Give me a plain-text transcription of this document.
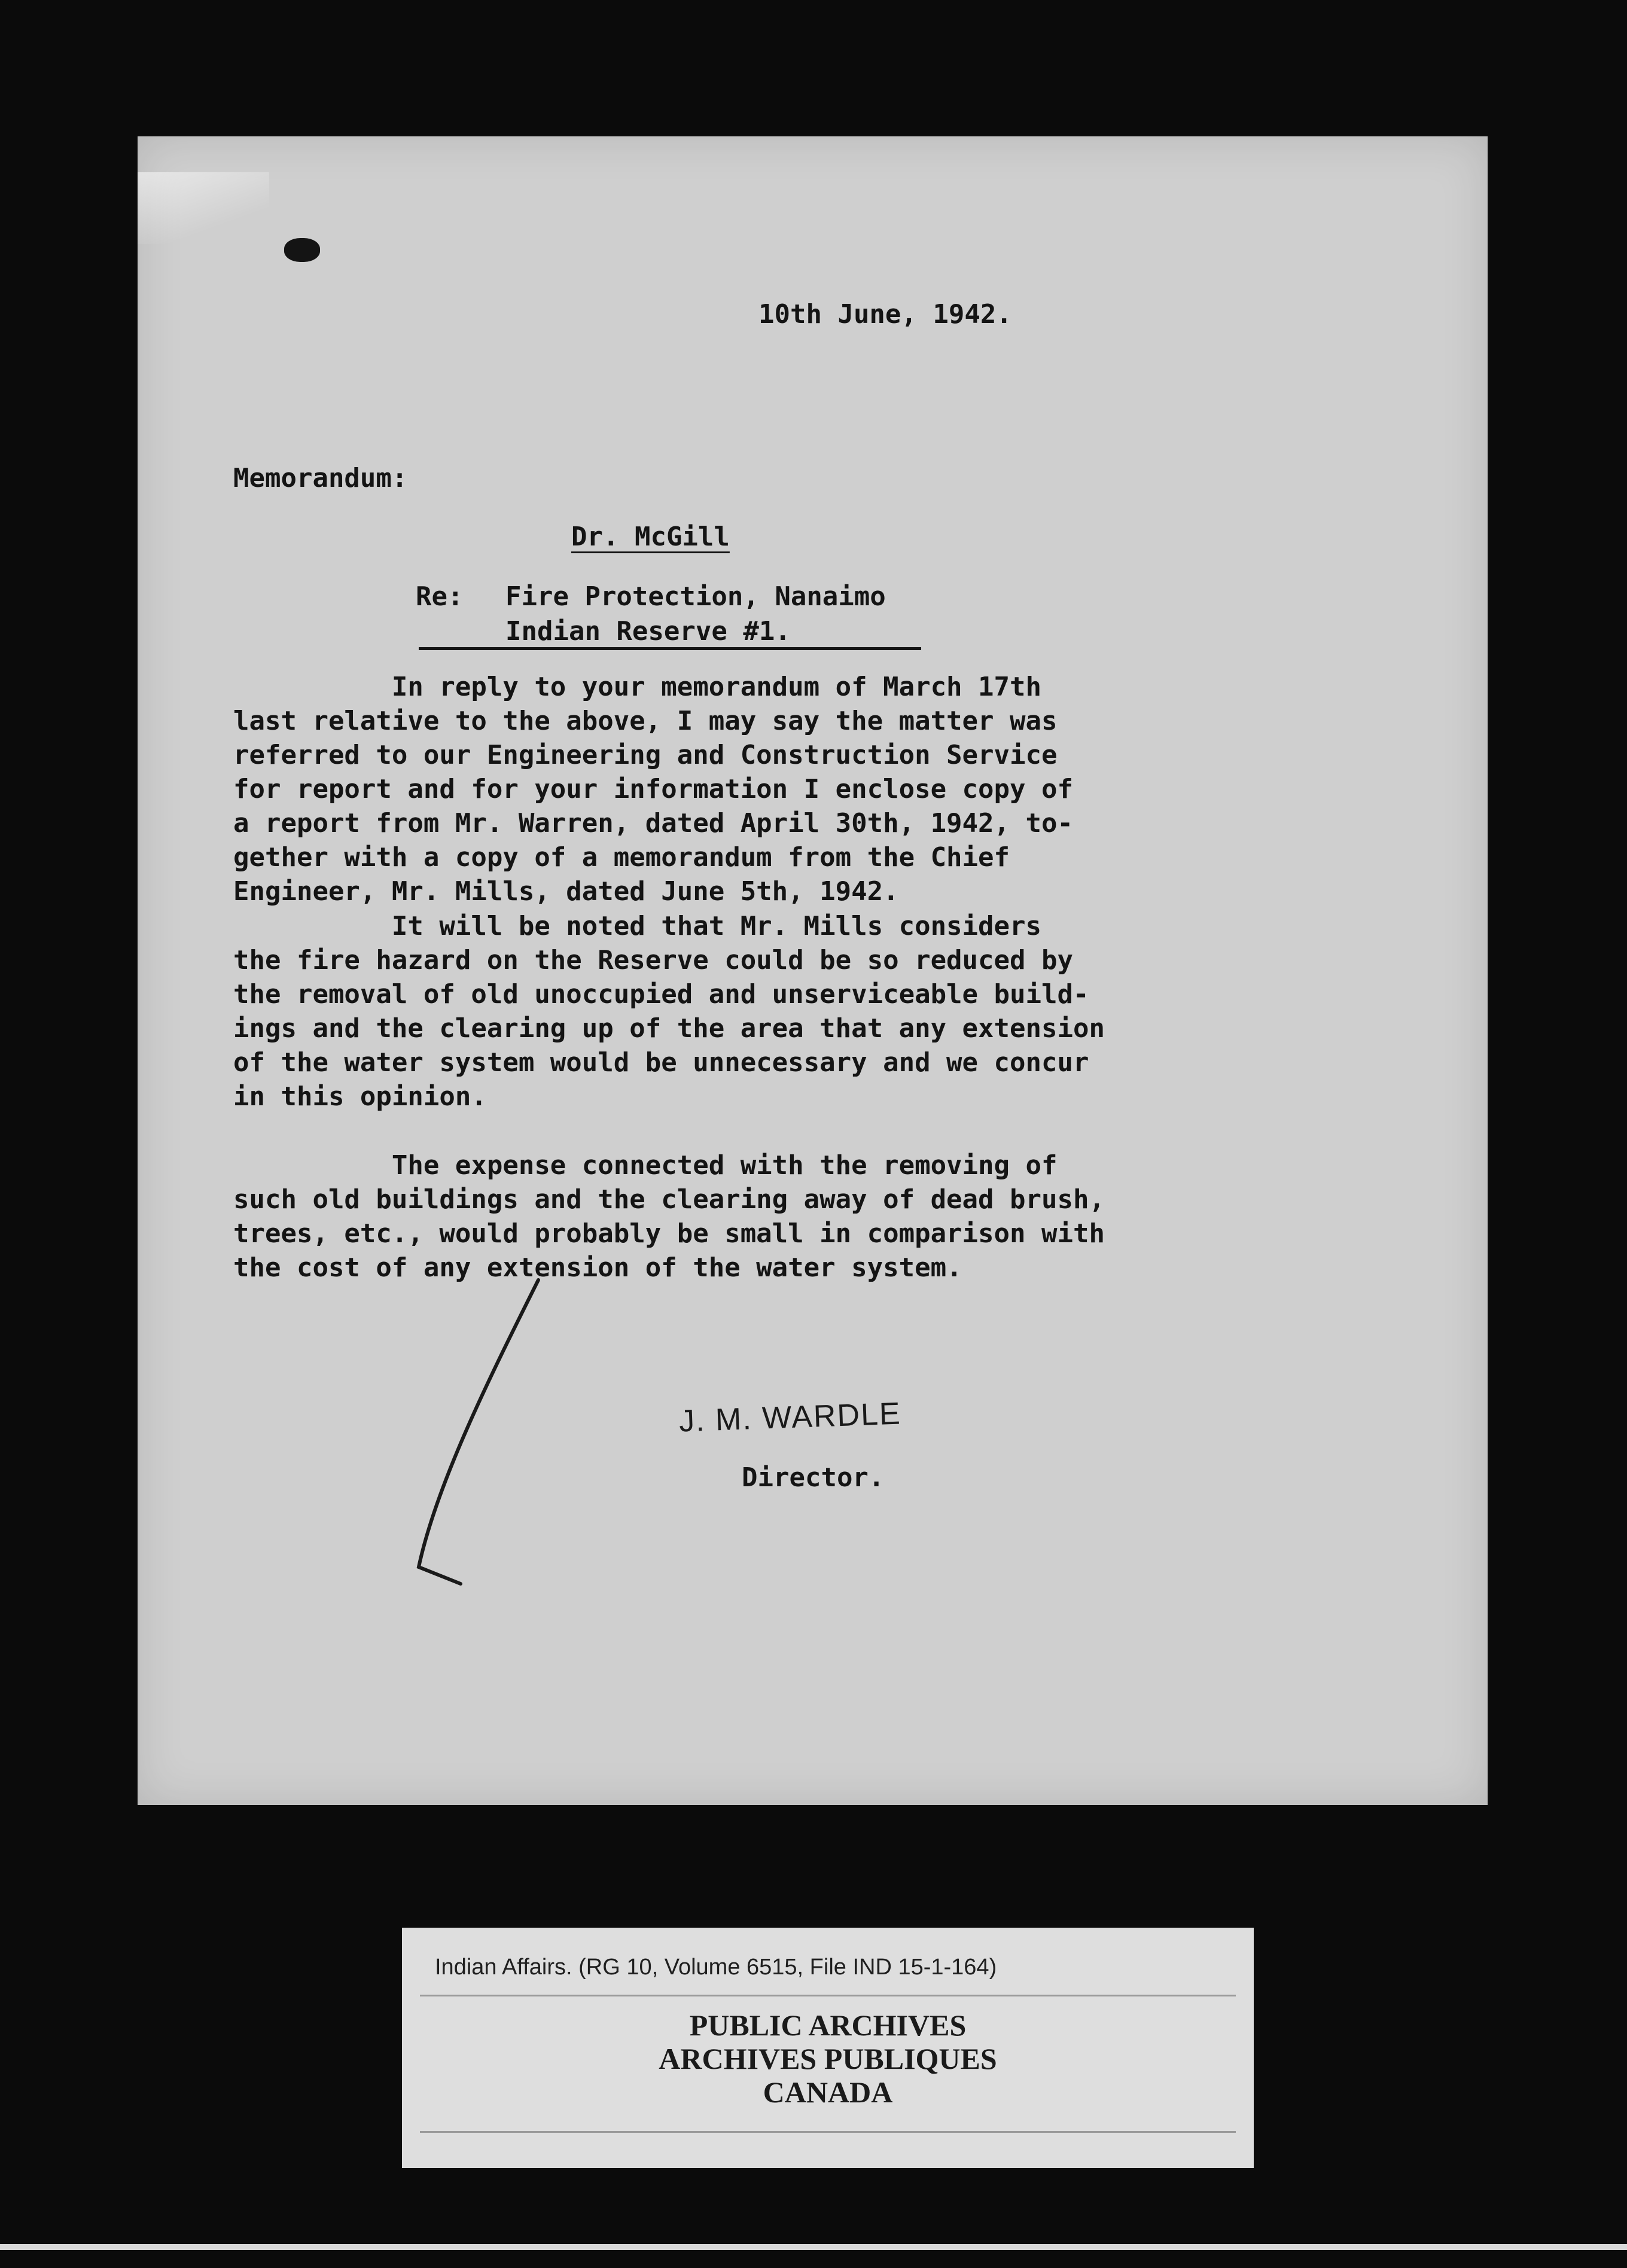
10th June, 1942.
Memorandum:
Dr. McGill
Re: Fire Protection, Nanaimo
Indian Reserve #1.
In reply to your memorandum of March 17th
last relative to the above, I may say the matter was
referred to our Engineering and Construction Service
for report and for your information I enclose copy of
a report from Mr. Warren, dated April 30th, 1942, to-
gether with a copy of a memorandum from the Chief
Engineer, Mr. Mills, dated June 5th, 1942.
It will be noted that Mr. Mills considers
the fire hazard on the Reserve could be so reduced by
the removal of old unoccupied and unserviceable build-
ings and the clearing up of the area that any extension
of the water system would be unnecessary and we concur
in this opinion.
The expense connected with the removing of
such old buildings and the clearing away of dead brush,
trees, etc., would probably be small in comparison with
the cost of any extension of the water system.
J. M. WARDLE
Director.
Indian Affairs. (RG 10, Volume 6515, File IND 15-1-164)
PUBLIC ARCHIVES
ARCHIVES PUBLIQUES
CANADA
